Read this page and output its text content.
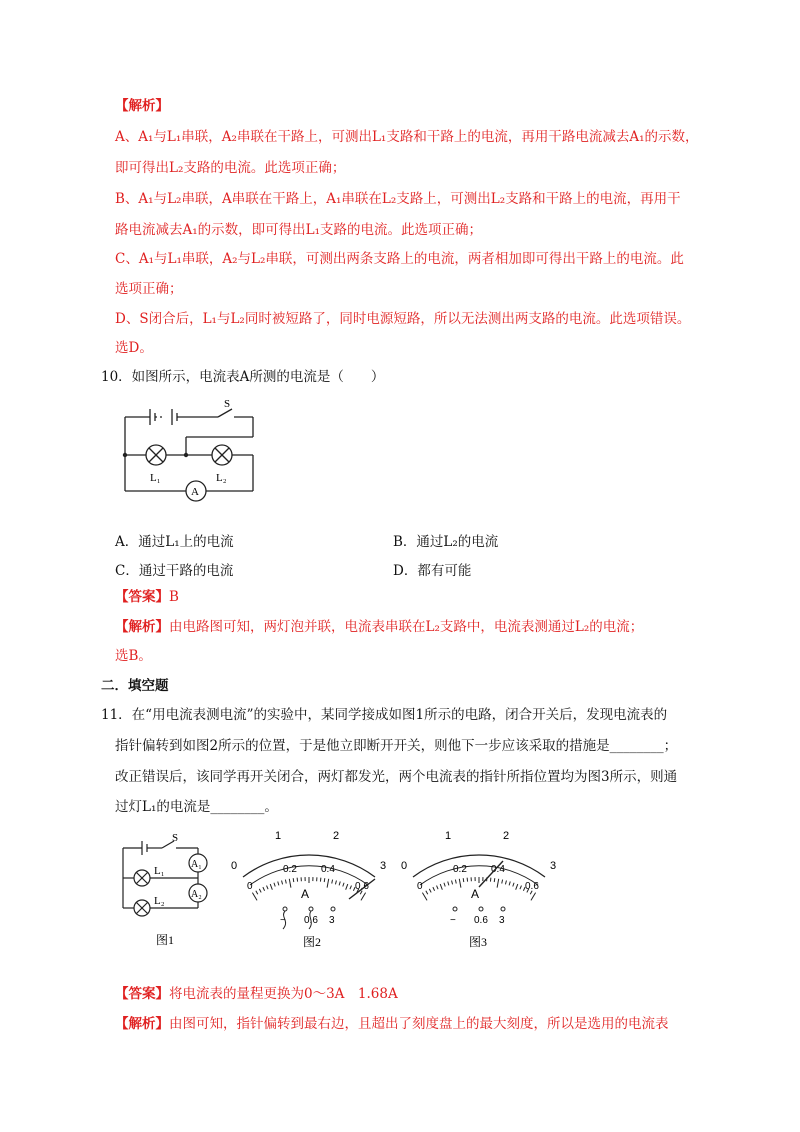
【解析】
A、A₁与L₁串联，A₂串联在干路上，可测出L₁支路和干路上的电流，再用干路电流减去A₁的示数，
即可得出L₂支路的电流。此选项正确；
B、A₁与L₂串联，A串联在干路上，A₁串联在L₂支路上，可测出L₂支路和干路上的电流，再用干
路电流减去A₁的示数，即可得出L₁支路的电流。此选项正确；
C、A₁与L₁串联，A₂与L₂串联，可测出两条支路上的电流，两者相加即可得出干路上的电流。此
选项正确；
D、S闭合后，L₁与L₂同时被短路了，同时电源短路，所以无法测出两支路的电流。此选项错误。
选D。
10．如图所示，电流表A所测的电流是（　　）
S
L₁	L₂
A
A．通过L₁上的电流	B．通过L₂的电流
C．通过干路的电流	D．都有可能
【答案】B
【解析】由电路图可知，两灯泡并联，电流表串联在L₂支路中，电流表测通过L₂的电流；
选B。
二．填空题
11．在“用电流表测电流”的实验中，某同学接成如图1所示的电路，闭合开关后，发现电流表的
指针偏转到如图2所示的位置，于是他立即断开开关，则他下一步应该采取的措施是________；
改正错误后，该同学再开关闭合，两灯都发光，两个电流表的指针所指位置均为图3所示，则通
过灯L₁的电流是________。
S
L₁
L₂
A₁
A₂
图1
0
1	2
3
0
0.2 0.4
0.6
A
− 0.6 3
图2
0
1	2
3
0
0.2 0.4
0.6
A
− 0.6 3
图3
【答案】将电流表的量程更换为0～3A　1.68A
【解析】由图可知，指针偏转到最右边，且超出了刻度盘上的最大刻度，所以是选用的电流表
